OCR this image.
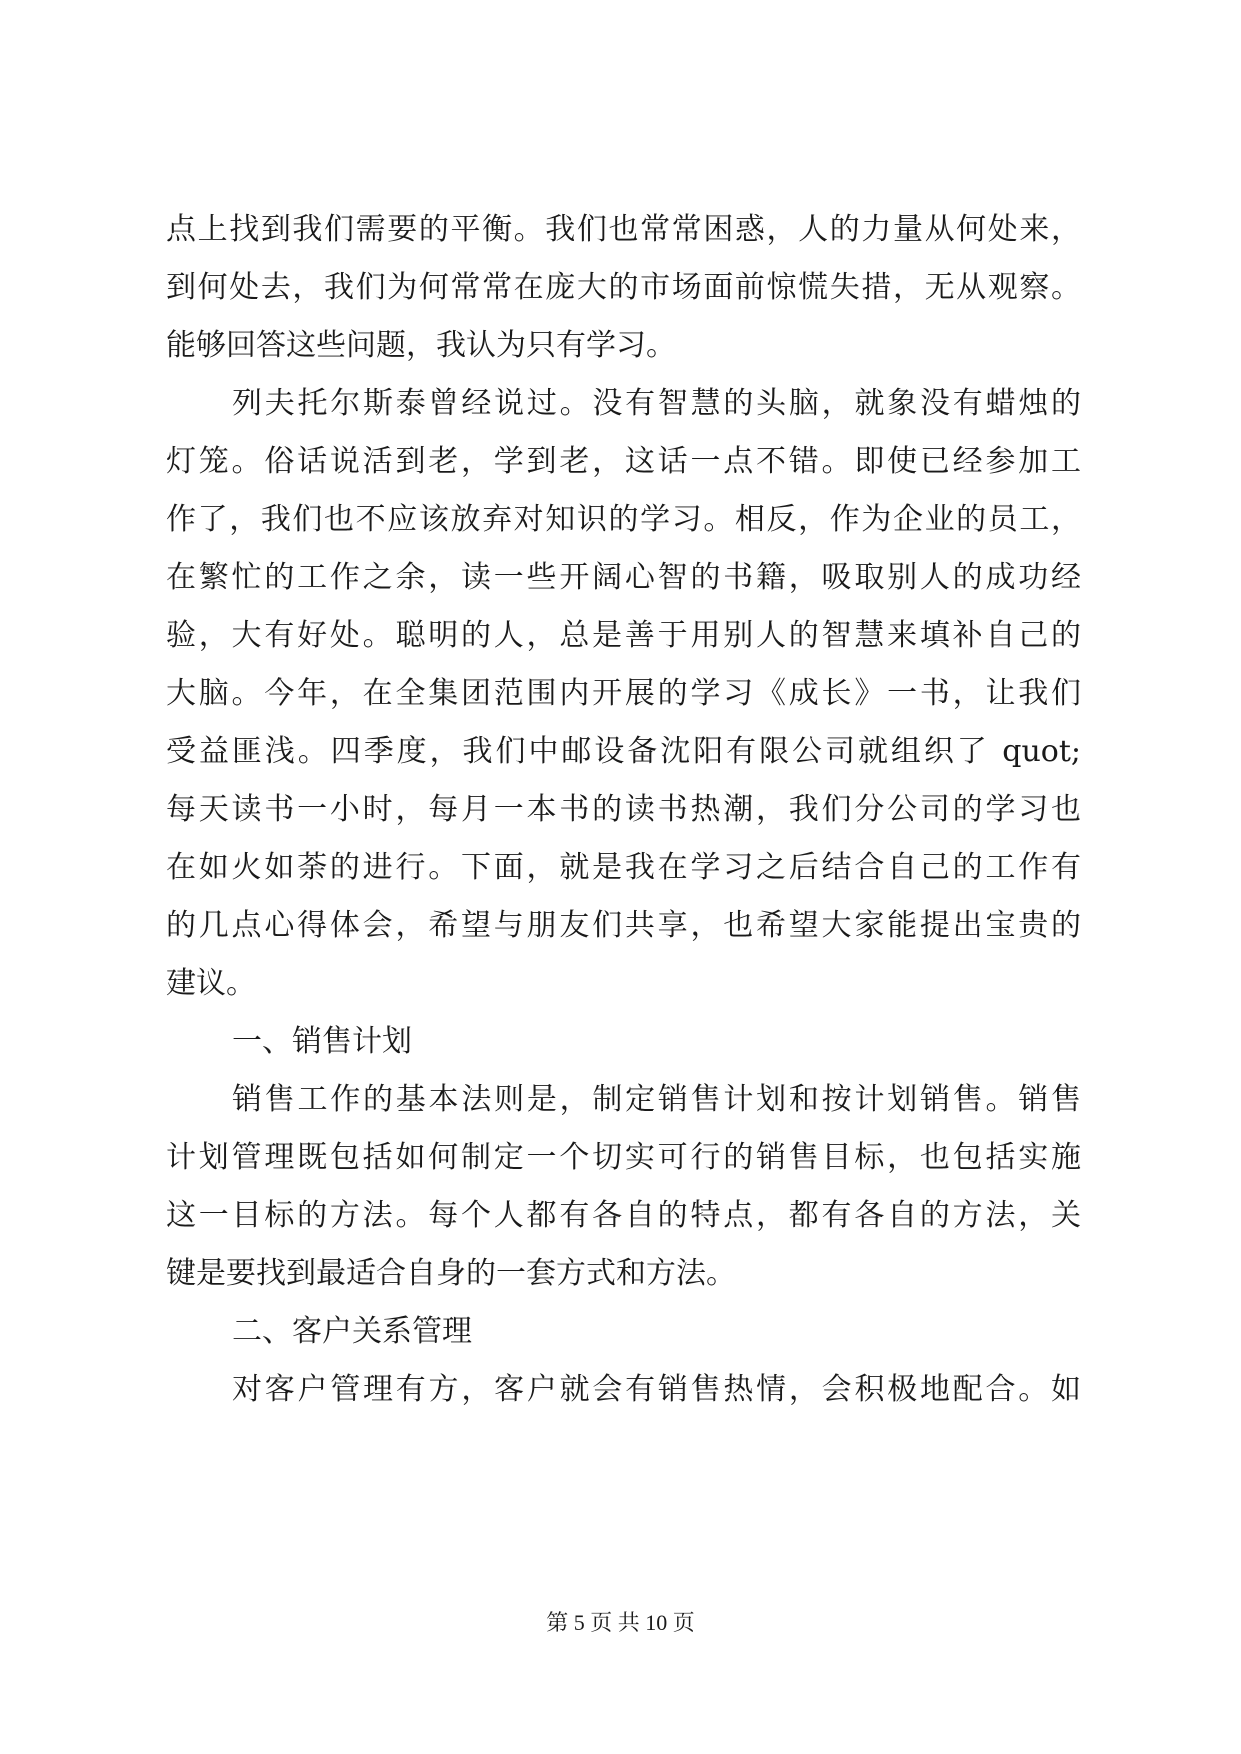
点上找到我们需要的平衡。我们也常常困惑，人的力量从何处来，
到何处去，我们为何常常在庞大的市场面前惊慌失措，无从观察。
能够回答这些问题，我认为只有学习。
列夫托尔斯泰曾经说过。没有智慧的头脑，就象没有蜡烛的
灯笼。俗话说活到老，学到老，这话一点不错。即使已经参加工
作了，我们也不应该放弃对知识的学习。相反，作为企业的员工，
在繁忙的工作之余，读一些开阔心智的书籍，吸取别人的成功经
验，大有好处。聪明的人，总是善于用别人的智慧来填补自己的
大脑。今年，在全集团范围内开展的学习《成长》一书，让我们
受益匪浅。四季度，我们中邮设备沈阳有限公司就组织了 quot;
每天读书一小时，每月一本书的读书热潮，我们分公司的学习也
在如火如荼的进行。下面，就是我在学习之后结合自己的工作有
的几点心得体会，希望与朋友们共享，也希望大家能提出宝贵的
建议。
一、销售计划
销售工作的基本法则是，制定销售计划和按计划销售。销售
计划管理既包括如何制定一个切实可行的销售目标，也包括实施
这一目标的方法。每个人都有各自的特点，都有各自的方法，关
键是要找到最适合自身的一套方式和方法。
二、客户关系管理
对客户管理有方，客户就会有销售热情，会积极地配合。如
第 5 页 共 10 页
